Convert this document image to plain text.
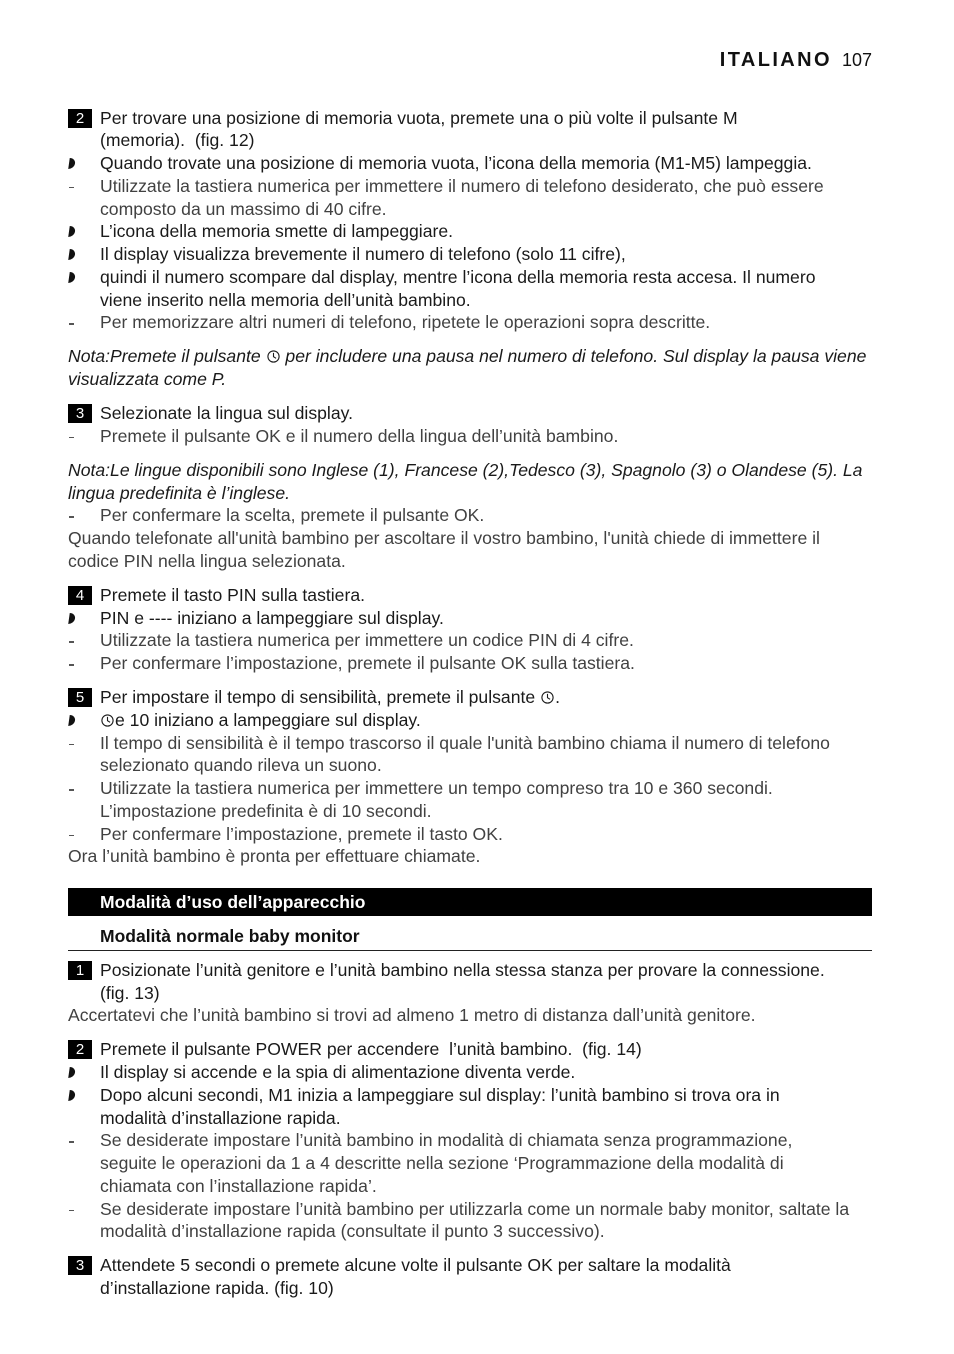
ITALIANO 107
2 Per trovare una posizione di memoria vuota, premete una o più volte il pulsante M
(memoria).  (fig. 12)
Quando trovate una posizione di memoria vuota, l’icona della memoria (M1-M5) lampeggia.
Utilizzate la tastiera numerica per immettere il numero di telefono desiderato, che può essere
composto da un massimo di 40 cifre.
L’icona della memoria smette di lampeggiare.
Il display visualizza brevemente il numero di telefono (solo 11 cifre),
quindi il numero scompare dal display, mentre l’icona della memoria resta accesa. Il numero
viene inserito nella memoria dell’unità bambino.
Per memorizzare altri numeri di telefono, ripetete le operazioni sopra descritte.
Nota:Premete il pulsante  per includere una pausa nel numero di telefono. Sul display la pausa viene
visualizzata come P.
3 Selezionate la lingua sul display.
Premete il pulsante OK e il numero della lingua dell’unità bambino.
Nota:Le lingue disponibili sono Inglese (1), Francese (2),Tedesco (3), Spagnolo (3) o Olandese (5). La
lingua predefinita è l’inglese.
Per confermare la scelta, premete il pulsante OK.
Quando telefonate all'unità bambino per ascoltare il vostro bambino, l'unità chiede di immettere il
codice PIN nella lingua selezionata.
4 Premete il tasto PIN sulla tastiera.
PIN e ---- iniziano a lampeggiare sul display.
Utilizzate la tastiera numerica per immettere un codice PIN di 4 cifre.
Per confermare l’impostazione, premete il pulsante OK sulla tastiera.
5 Per impostare il tempo di sensibilità, premete il pulsante .
e 10 iniziano a lampeggiare sul display.
Il tempo di sensibilità è il tempo trascorso il quale l'unità bambino chiama il numero di telefono
selezionato quando rileva un suono.
Utilizzate la tastiera numerica per immettere un tempo compreso tra 10 e 360 secondi.
L’impostazione predefinita è di 10 secondi.
Per confermare l’impostazione, premete il tasto OK.
Ora l’unità bambino è pronta per effettuare chiamate.
Modalità d’uso dell’apparecchio
Modalità normale baby monitor
1 Posizionate l’unità genitore e l’unità bambino nella stessa stanza per provare la connessione.
(fig. 13)
Accertatevi che l’unità bambino si trovi ad almeno 1 metro di distanza dall’unità genitore.
2 Premete il pulsante POWER per accendere  l’unità bambino.  (fig. 14)
Il display si accende e la spia di alimentazione diventa verde.
Dopo alcuni secondi, M1 inizia a lampeggiare sul display: l’unità bambino si trova ora in
modalità d’installazione rapida.
Se desiderate impostare l’unità bambino in modalità di chiamata senza programmazione,
seguite le operazioni da 1 a 4 descritte nella sezione ‘Programmazione della modalità di
chiamata con l’installazione rapida’.
Se desiderate impostare l’unità bambino per utilizzarla come un normale baby monitor, saltate la
modalità d’installazione rapida (consultate il punto 3 successivo).
3 Attendete 5 secondi o premete alcune volte il pulsante OK per saltare la modalità
d’installazione rapida. (fig. 10)
